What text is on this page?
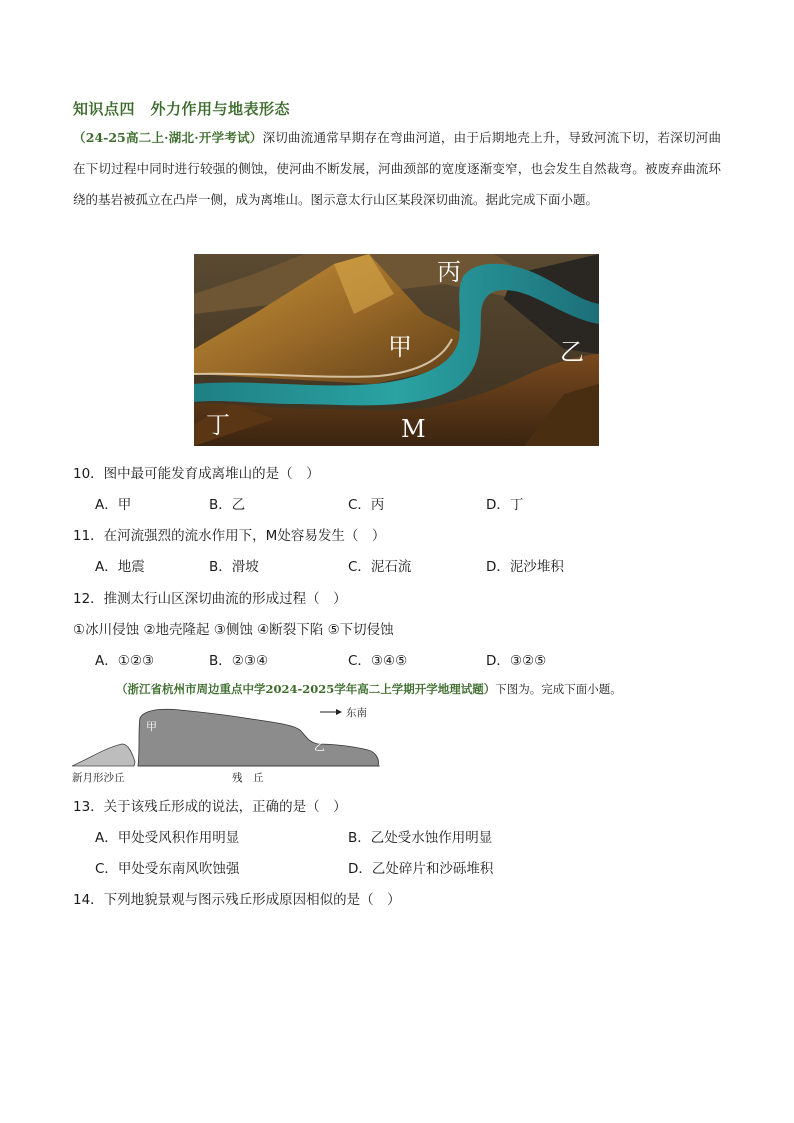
知识点四　外力作用与地表形态
（24-25高二上·湖北·开学考试）深切曲流通常早期存在弯曲河道，由于后期地壳上升，导致河流下切，若深切河曲在下切过程中同时进行较强的侧蚀，使河曲不断发展，河曲颈部的宽度逐渐变窄，也会发生自然裁弯。被废弃曲流环绕的基岩被孤立在凸岸一侧，成为离堆山。图示意太行山区某段深切曲流。据此完成下面小题。
丙
甲	乙
丁	M
10．图中最可能发育成离堆山的是（　）
A．甲	B．乙	C．丙	D．丁
11．在河流强烈的流水作用下，M处容易发生（　）
A．地震	B．滑坡	C．泥石流	D．泥沙堆积
12．推测太行山区深切曲流的形成过程（　）
①冰川侵蚀 ②地壳隆起 ③侧蚀 ④断裂下陷 ⑤下切侵蚀
A．①②③	B．②③④	C．③④⑤	D．③②⑤
（浙江省杭州市周边重点中学2024-2025学年高二上学期开学地理试题）下图为。完成下面小题。
甲
乙
东南
新月形沙丘	残　丘
13．关于该残丘形成的说法，正确的是（　）
A．甲处受风积作用明显	B．乙处受水蚀作用明显
C．甲处受东南风吹蚀强	D．乙处碎片和沙砾堆积
14．下列地貌景观与图示残丘形成原因相似的是（　）
